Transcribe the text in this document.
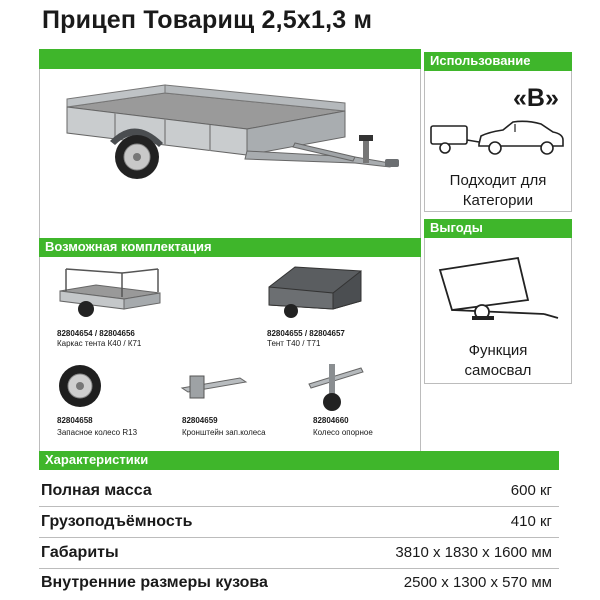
Прицеп Товарищ 2,5х1,3 м
Возможная комплектация
82804654 / 82804656
Каркас тента К40 / К71
82804655 / 82804657
Тент Т40 / Т71
82804658
Запасное колесо R13
82804659
Кронштейн зап.колеса
82804660
Колесо опорное
Использование
«В»
Подходит для
Категории
Выгоды
Функция
самосвал
Характеристики
Полная масса	600 кг
Грузоподъёмность	410 кг
Габариты	3810 х 1830 х 1600 мм
Внутренние размеры кузова	2500 х 1300 х 570 мм
